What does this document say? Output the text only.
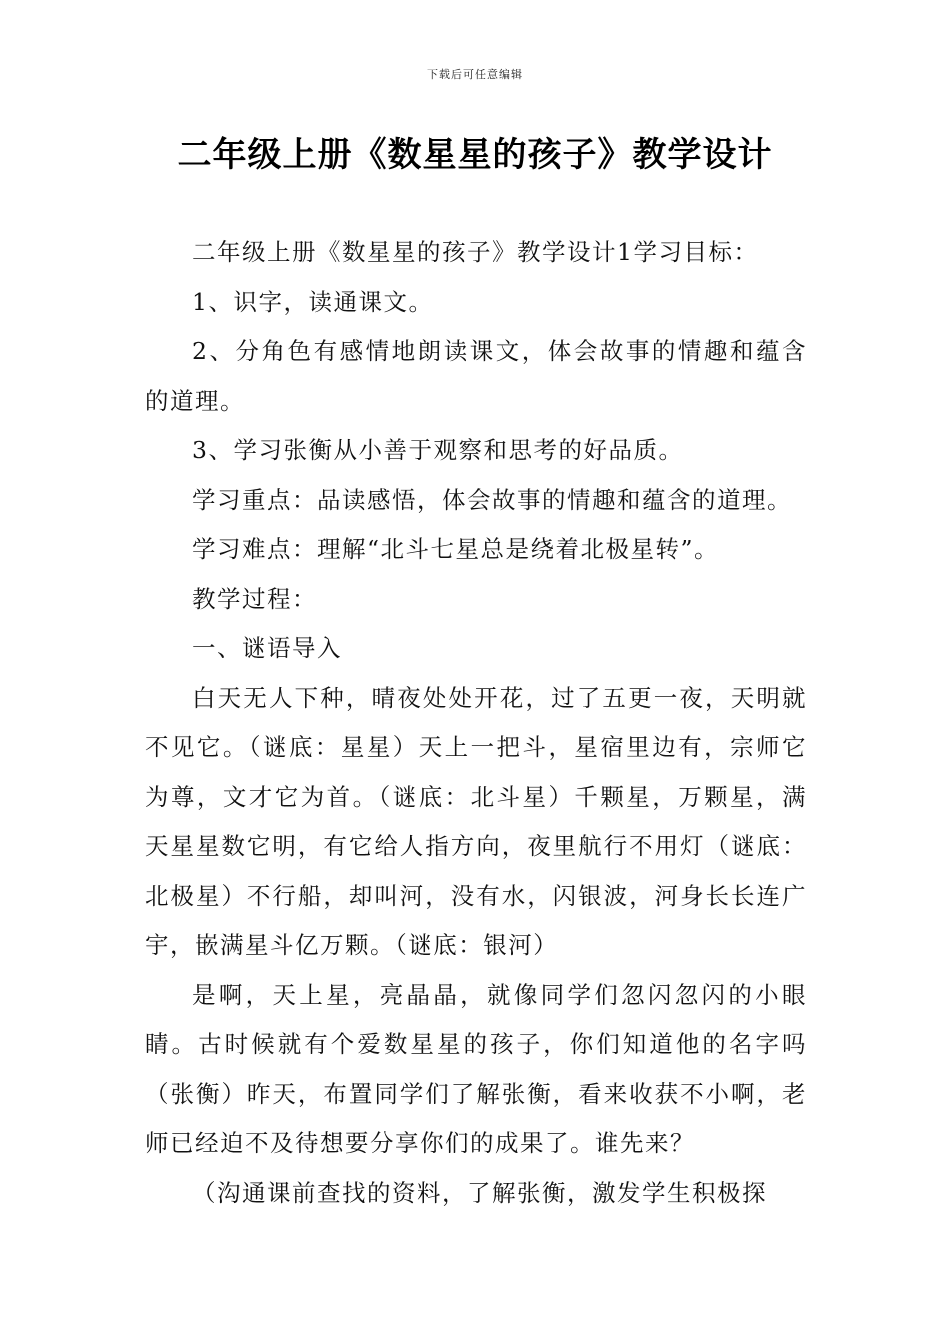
下载后可任意编辑
二年级上册《数星星的孩子》教学设计

二年级上册《数星星的孩子》教学设计1学习目标：

1、识字，读通课文。

2、分角色有感情地朗读课文，体会故事的情趣和蕴含的道理。

3、学习张衡从小善于观察和思考的好品质。

学习重点：品读感悟，体会故事的情趣和蕴含的道理。

学习难点：理解“北斗七星总是绕着北极星转”。

教学过程：

一、谜语导入

白天无人下种，晴夜处处开花，过了五更一夜，天明就不见它。（谜底：星星）天上一把斗，星宿里边有，宗师它为尊，文才它为首。（谜底：北斗星）千颗星，万颗星，满天星星数它明，有它给人指方向，夜里航行不用灯（谜底：北极星）不行船，却叫河，没有水，闪银波，河身长长连广宇，嵌满星斗亿万颗。（谜底：银河）

是啊，天上星，亮晶晶，就像同学们忽闪忽闪的小眼睛。古时候就有个爱数星星的孩子，你们知道他的名字吗（张衡）昨天，布置同学们了解张衡，看来收获不小啊，老师已经迫不及待想要分享你们的成果了。谁先来？

（沟通课前查找的资料，了解张衡，激发学生积极探
